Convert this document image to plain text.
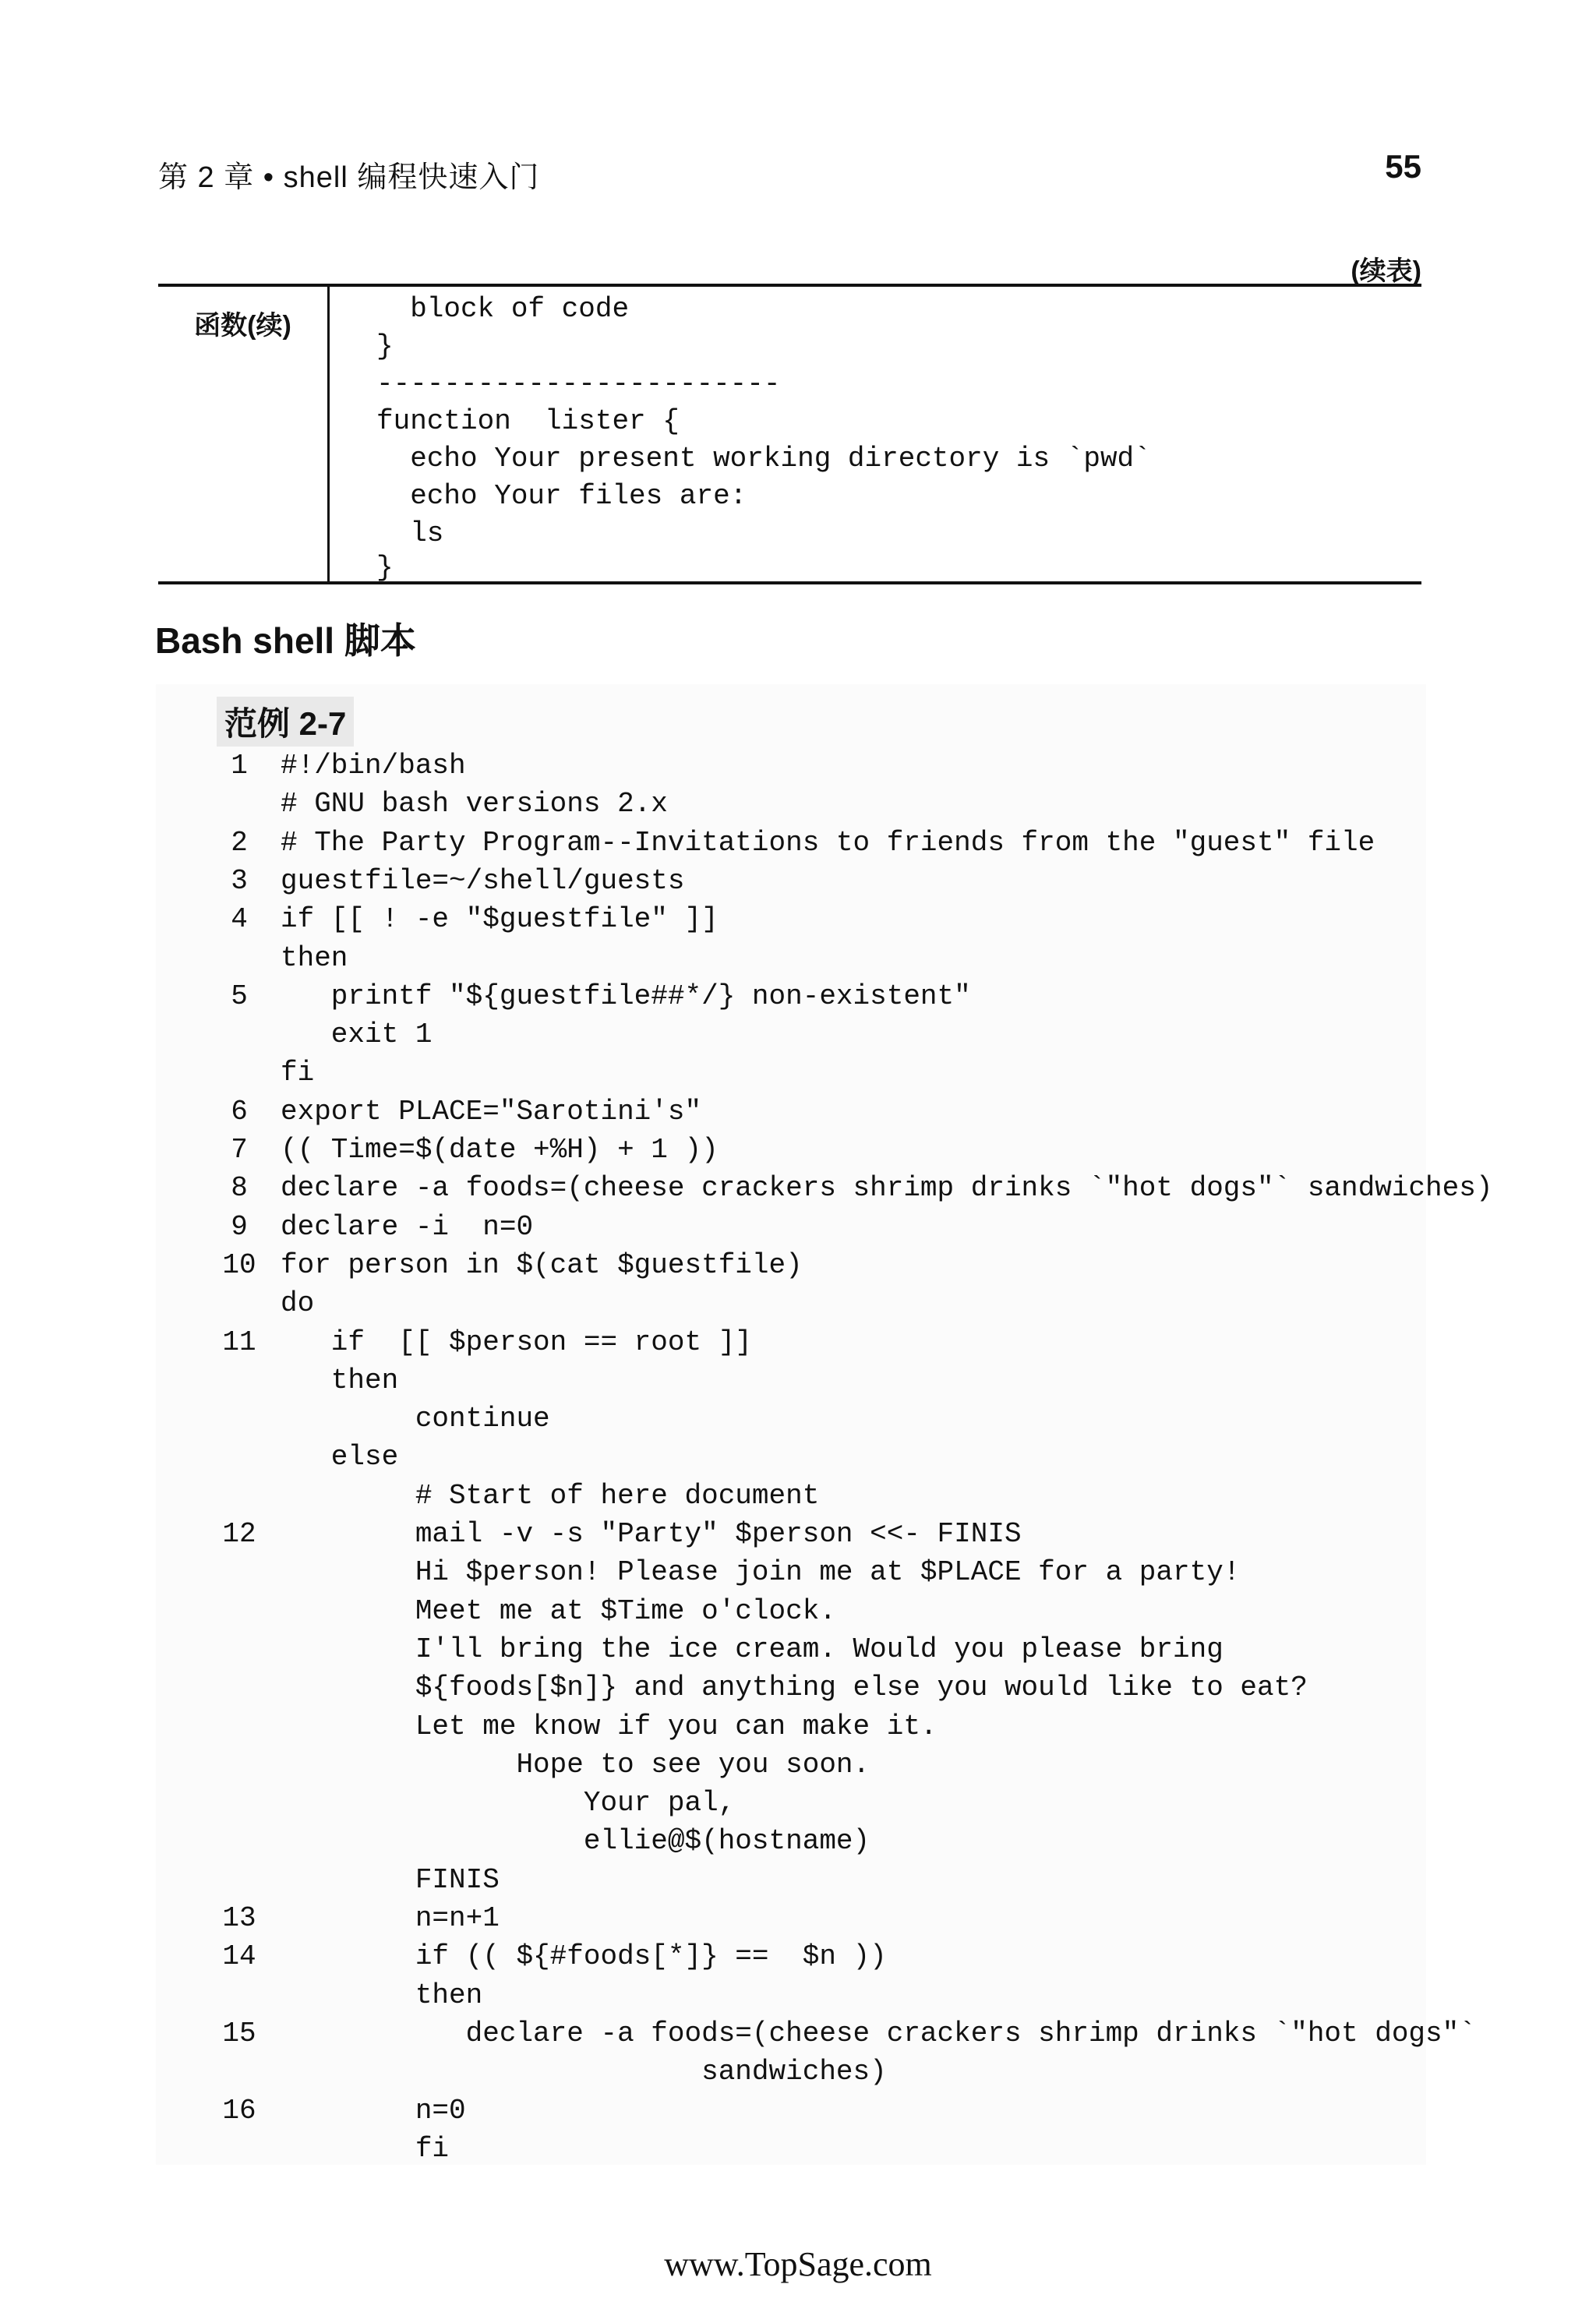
第 2 章 • shell 编程快速入门	55
(续表)
函数(续)

block of code

}

------------------------

function  lister {

echo Your present working directory is `pwd`

echo Your files are:

ls

}

Bash shell 脚本
范例 2-7
1	#!/bin/bash
# GNU bash versions 2.x
2	# The Party Program--Invitations to friends from the "guest" file
3	guestfile=~/shell/guests
4	if [[ ! -e "$guestfile" ]]
then
5	printf "${guestfile##*/} non-existent"
exit 1
fi
6	export PLACE="Sarotini's"
7	(( Time=$(date +%H) + 1 ))
8	declare -a foods=(cheese crackers shrimp drinks `"hot dogs"` sandwiches)
9	declare -i  n=0
10 for person in $(cat $guestfile)
do
11 if  [[ $person == root ]]
then
continue
else
# Start of here document
12 mail -v -s "Party" $person <<- FINIS
Hi $person! Please join me at $PLACE for a party!
Meet me at $Time o'clock.
I'll bring the ice cream. Would you please bring
${foods[$n]} and anything else you would like to eat?
Let me know if you can make it.
Hope to see you soon.
Your pal,
ellie@$(hostname)
FINIS
13 n=n+1
14 if (( ${#foods[*]} ==  $n ))
then
15 declare -a foods=(cheese crackers shrimp drinks `"hot dogs"`
sandwiches)
16 n=0
fi
www.TopSage.com
